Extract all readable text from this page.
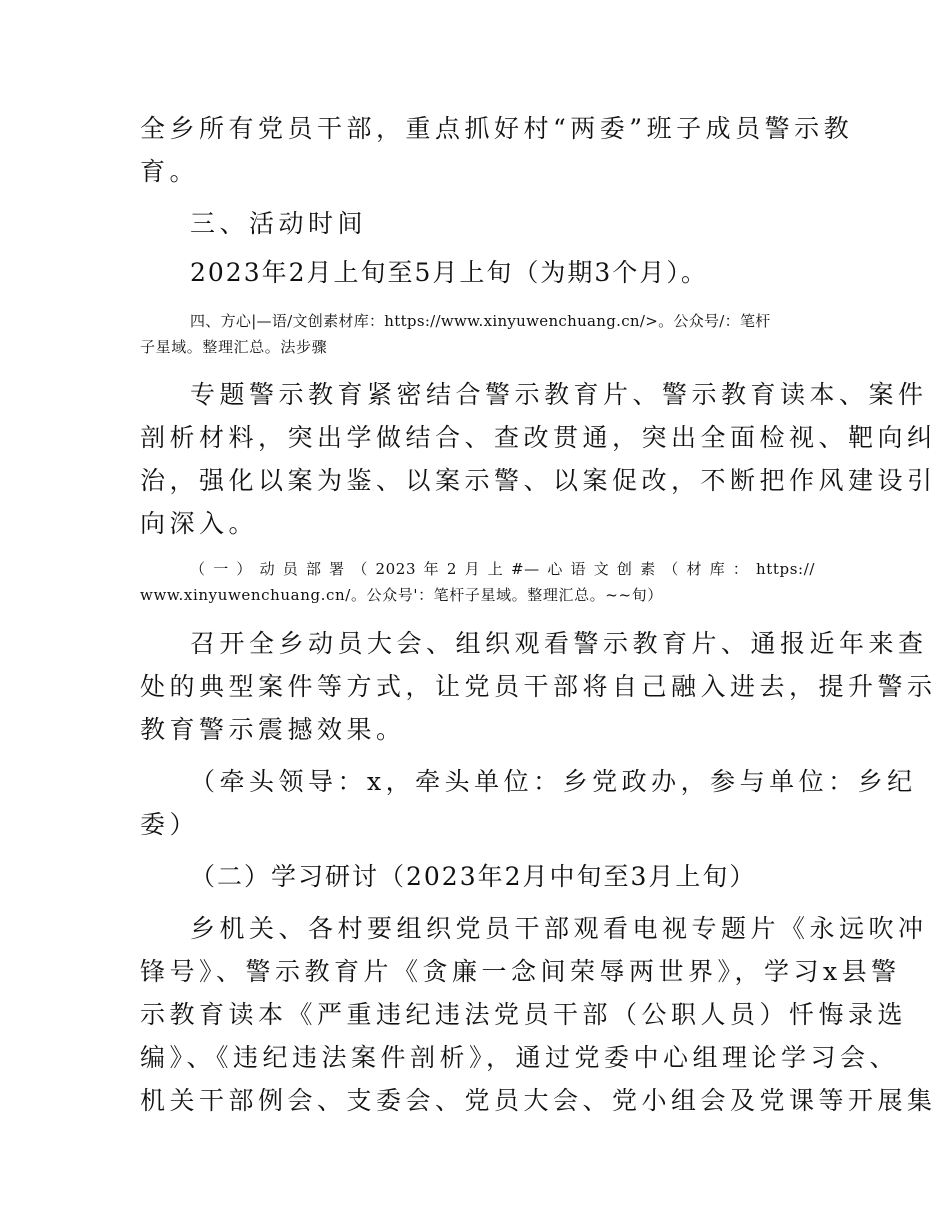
全乡所有党员干部，重点抓好村“两委”班子成员警示教
育。
三、活动时间
2023年2月上旬至5月上旬（为期3个月）。
四、方心|—语/文创素材库：https://www.xinyuwenchuang.cn/>。公众号/：笔杆
子星域。整理汇总。法步骤
专题警示教育紧密结合警示教育片、警示教育读本、案件
剖析材料，突出学做结合、查改贯通，突出全面检视、靶向纠
治，强化以案为鉴、以案示警、以案促改，不断把作风建设引
向深入。
（一）动员部署（2023年2月上#—心语文创素（材库：https://
www.xinyuwenchuang.cn/。公众号'：笔杆子星域。整理汇总。~~旬）
召开全乡动员大会、组织观看警示教育片、通报近年来查
处的典型案件等方式，让党员干部将自己融入进去，提升警示
教育警示震撼效果。
（牵头领导：x，牵头单位：乡党政办，参与单位：乡纪
委）
（二）学习研讨（2023年2月中旬至3月上旬）
乡机关、各村要组织党员干部观看电视专题片《永远吹冲
锋号》、警示教育片《贪廉一念间荣辱两世界》，学习x县警
示教育读本《严重违纪违法党员干部（公职人员）忏悔录选
编》、《违纪违法案件剖析》，通过党委中心组理论学习会、
机关干部例会、支委会、党员大会、党小组会及党课等开展集
